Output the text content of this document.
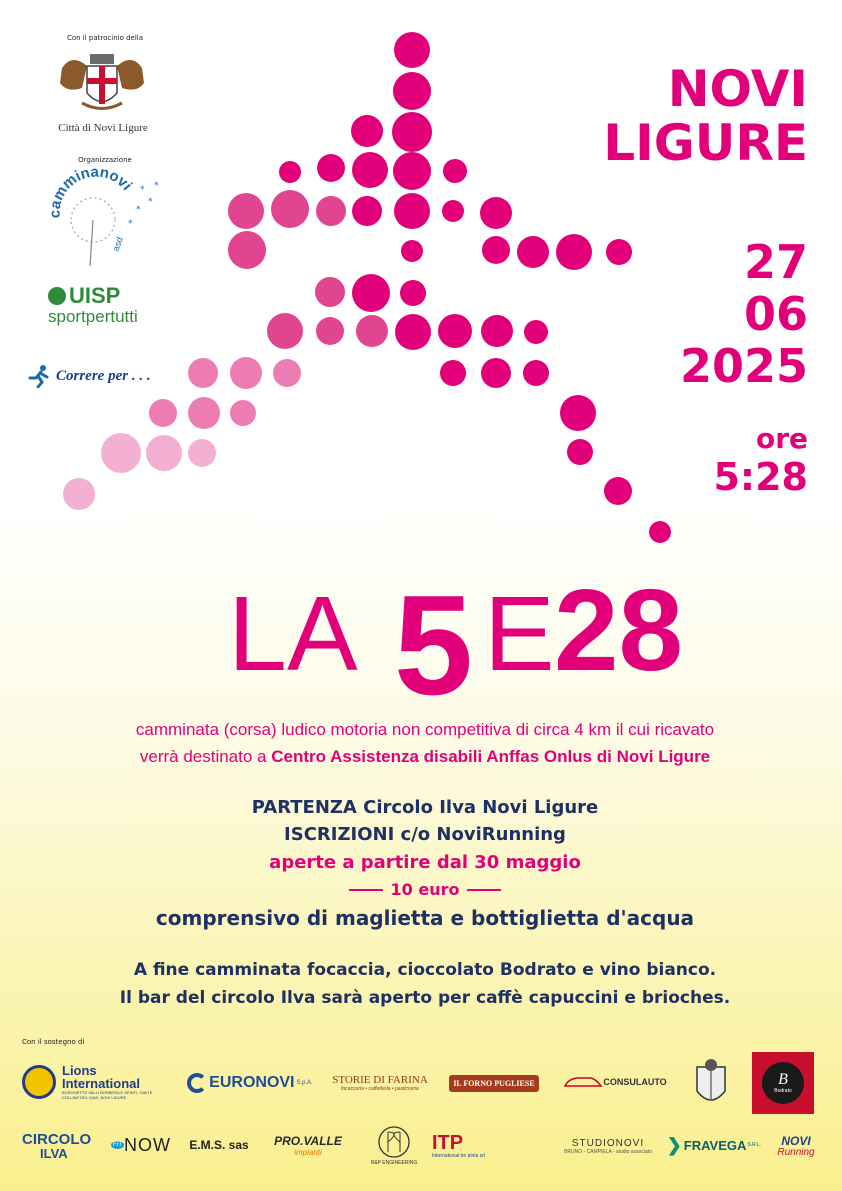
Con il patrocinio della
Città di Novi Ligure
Organizzazione
camminanovi *
*
*
*
*
asd
UISP
sportpertutti
Correre per . . .
NOVI
LIGURE
27
06
2025
ore
5:28
LA 5 E 28
camminata (corsa) ludico motoria non competitiva di circa 4 km il cui ricavato
verrà destinato a Centro Assistenza disabili Anffas Onlus di Novi Ligure
PARTENZA Circolo Ilva Novi Ligure
ISCRIZIONI c/o NoviRunning
aperte a partire dal 30 maggio
10 euro
comprensivo di maglietta e bottiglietta d'acqua
A fine camminata focaccia, cioccolato Bodrato e vino bianco.
Il bar del circolo Ilva sarà aperto per caffè capuccini e brioches.
Con il sostegno di
Lions
International
BORGHETTO VALLI BORBERA E SPINTI, GAVI E COLLINE DEL GAVI, NOVI LIGURE
EURONOVI S.p.A. STORIE DI FARINA
focacceria • caffetteria • pasticceria
IL FORNO PUGLIESE	CONSULAUTO	B
Bodrato
CIRCOLO
ILVA
FIT NOW E.M.S. sas PRO.VALLE
impianti
R&P ENGINEERING
ITP
International tie pinta srl
STUDIONOVI
BRUNO - CAMPIELA - studio associato ❯ FRAVEGA S.R.L. NOVI
Running
